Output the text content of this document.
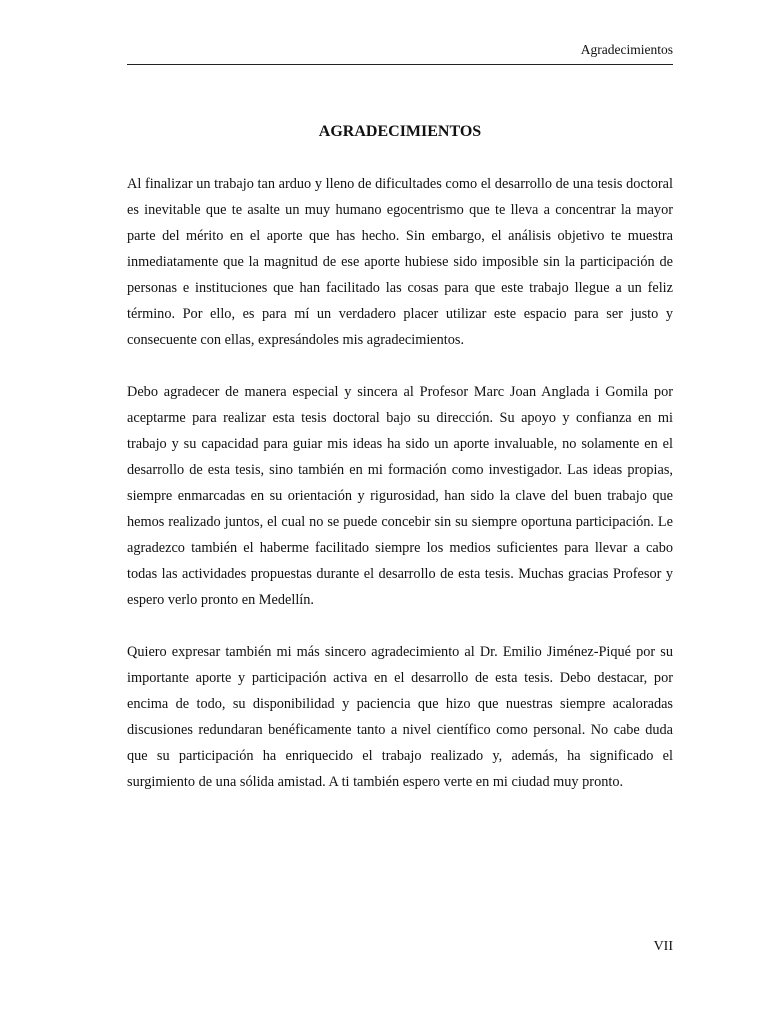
Agradecimientos
AGRADECIMIENTOS

Al finalizar un trabajo tan arduo y lleno de dificultades como el desarrollo de una tesis doctoral es inevitable que te asalte un muy humano egocentrismo que te lleva a concentrar la mayor parte del mérito en el aporte que has hecho. Sin embargo, el análisis objetivo te muestra inmediatamente que la magnitud de ese aporte hubiese sido imposible sin la participación de personas e instituciones que han facilitado las cosas para que este trabajo llegue a un feliz término. Por ello, es para mí un verdadero placer utilizar este espacio para ser justo y consecuente con ellas, expresándoles mis agradecimientos.

Debo agradecer de manera especial y sincera al Profesor Marc Joan Anglada i Gomila por aceptarme para realizar esta tesis doctoral bajo su dirección. Su apoyo y confianza en mi trabajo y su capacidad para guiar mis ideas ha sido un aporte invaluable, no solamente en el desarrollo de esta tesis, sino también en mi formación como investigador. Las ideas propias, siempre enmarcadas en su orientación y rigurosidad, han sido la clave del buen trabajo que hemos realizado juntos, el cual no se puede concebir sin su siempre oportuna participación. Le agradezco también el haberme facilitado siempre los medios suficientes para llevar a cabo todas las actividades propuestas durante el desarrollo de esta tesis. Muchas gracias Profesor y espero verlo pronto en Medellín.

Quiero expresar también mi más sincero agradecimiento al Dr. Emilio Jiménez-Piqué por su importante aporte y participación activa en el desarrollo de esta tesis. Debo destacar, por encima de todo, su disponibilidad y paciencia que hizo que nuestras siempre acaloradas discusiones redundaran benéficamente tanto a nivel científico como personal. No cabe duda que su participación ha enriquecido el trabajo realizado y, además, ha significado el surgimiento de una sólida amistad. A ti también espero verte en mi ciudad muy pronto.

VII
